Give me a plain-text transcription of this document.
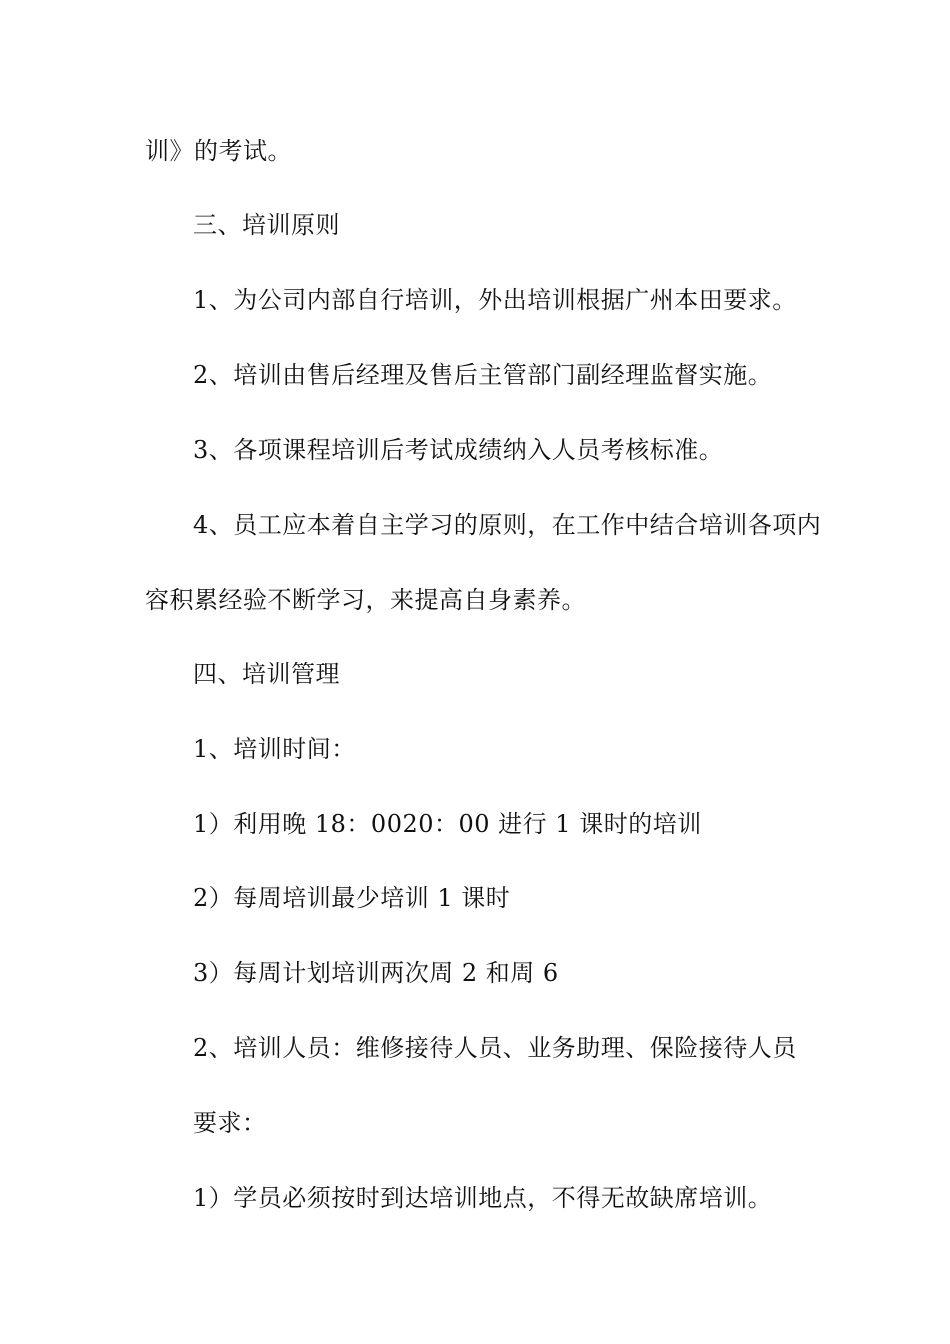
训》的考试。
三、培训原则
1、为公司内部自行培训，外出培训根据广州本田要求。
2、培训由售后经理及售后主管部门副经理监督实施。
3、各项课程培训后考试成绩纳入人员考核标准。
4、员工应本着自主学习的原则，在工作中结合培训各项内
容积累经验不断学习，来提高自身素养。
四、培训管理
1、培训时间：
1）利用晚 18：0020：00 进行 1 课时的培训
2）每周培训最少培训 1 课时
3）每周计划培训两次周 2 和周 6
2、培训人员：维修接待人员、业务助理、保险接待人员
要求：
1）学员必须按时到达培训地点，不得无故缺席培训。
